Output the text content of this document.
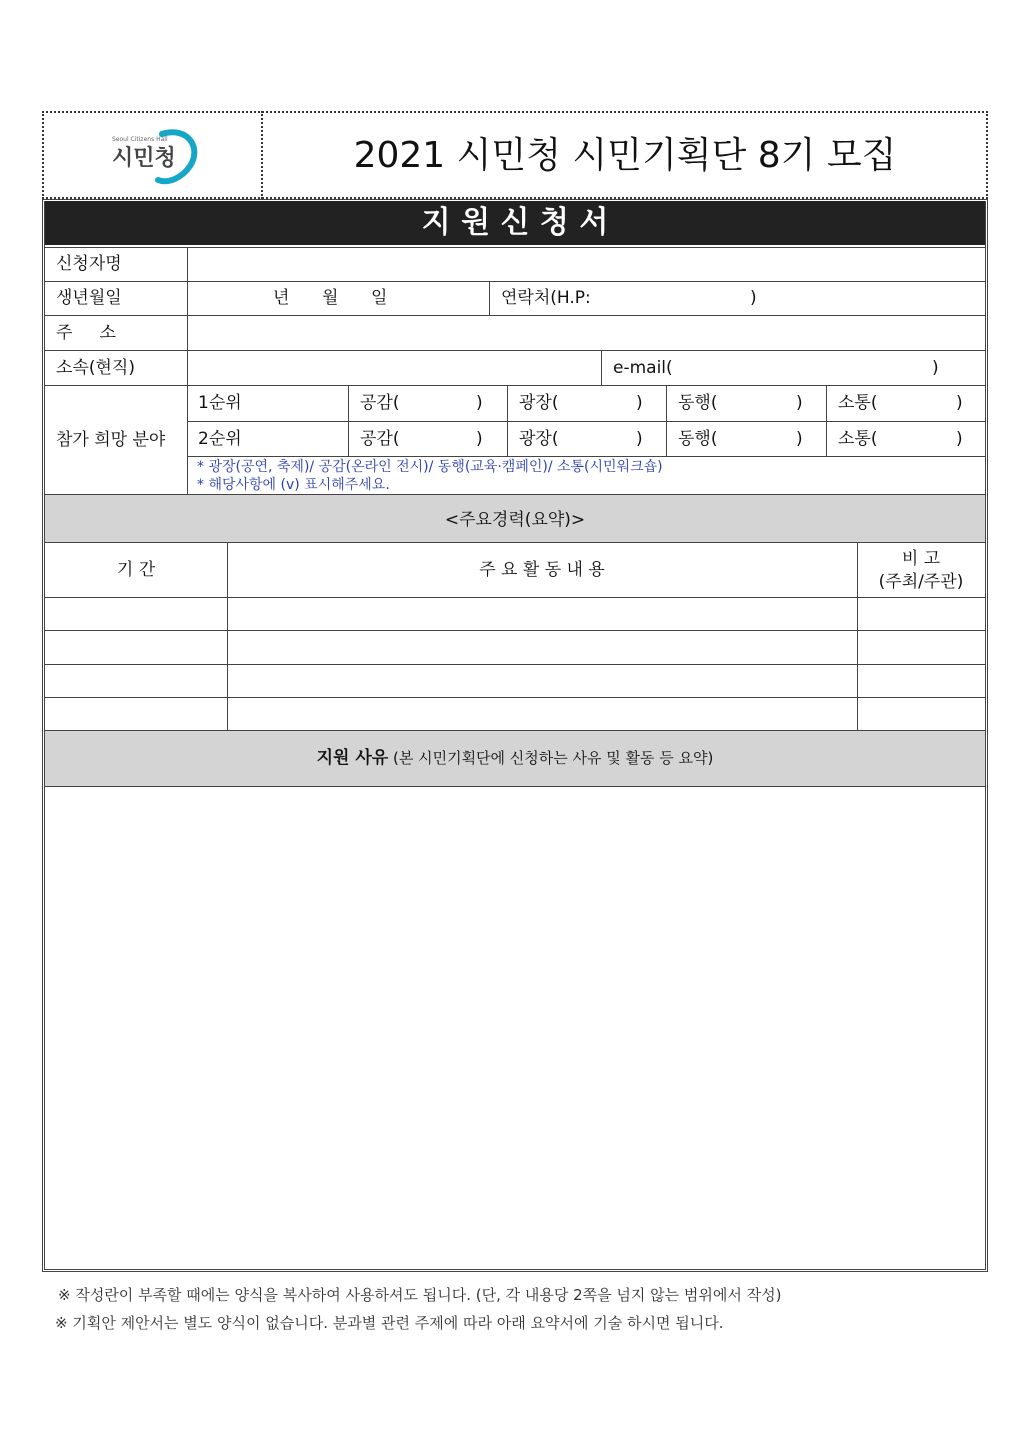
Seoul Citizens Hall
시민청	2021 시민청 시민기획단 8기 모집
지 원 신 청 서
신청자명
생년월일	년 월 일	연락처(H.P:	)
주     소
소속(현직)	e-mail(	)
참가 희망 분야
1순위	공감(	) 광장(	) 동행(	) 소통(	)
2순위	공감(	) 광장(	) 동행(	) 소통(	)
* 광장(공연, 축제)/ 공감(온라인 전시)/ 동행(교육·캠페인)/ 소통(시민워크숍)
* 해당사항에 (v) 표시해주세요.
<주요경력(요약)>
기 간	주 요 활 동 내 용
비 고
(주최/주관)
지원 사유 (본 시민기획단에 신청하는 사유 및 활동 등 요약)
※ 작성란이 부족할 때에는 양식을 복사하여 사용하셔도 됩니다. (단, 각 내용당 2쪽을 넘지 않는 범위에서 작성)
※ 기획안 제안서는 별도 양식이 없습니다. 분과별 관련 주제에 따라 아래 요약서에 기술 하시면 됩니다.
